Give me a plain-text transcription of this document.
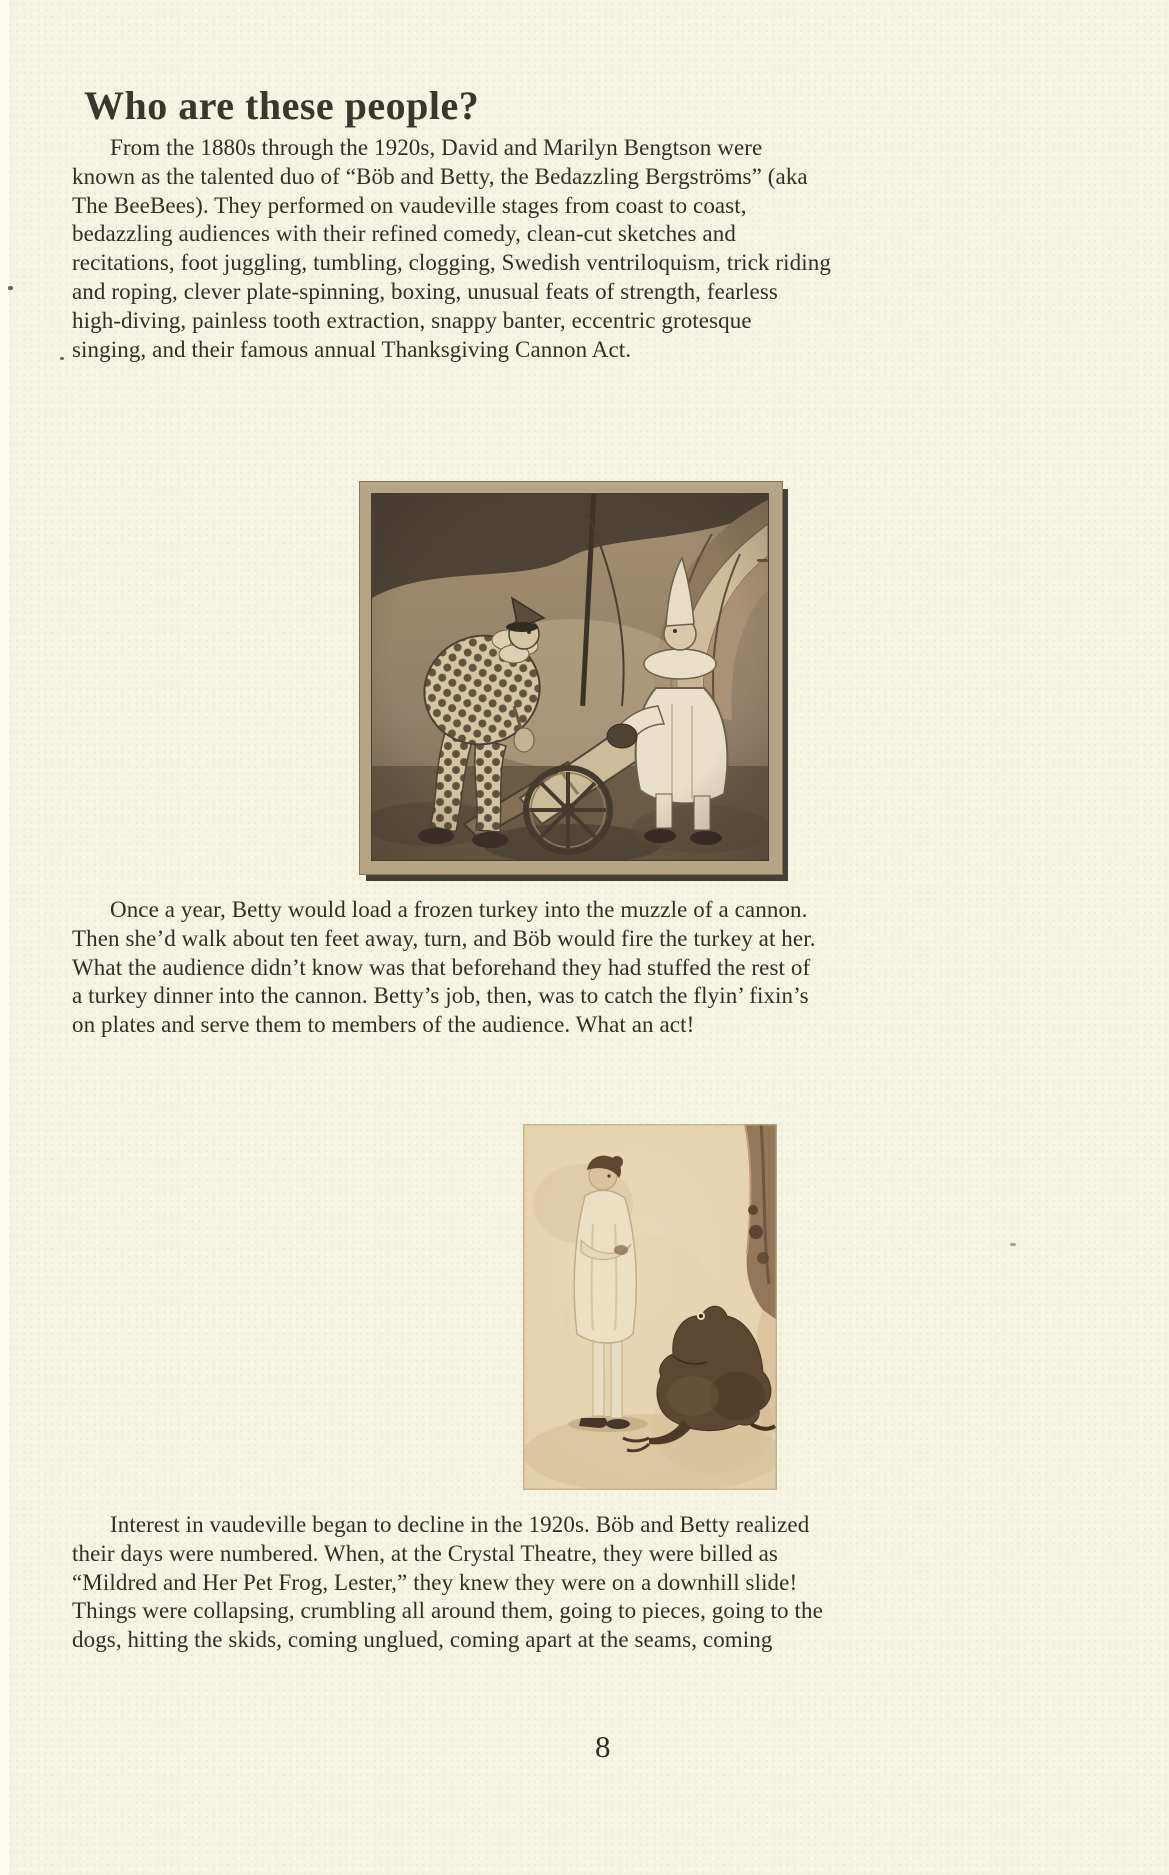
Who are these people?
From the 1880s through the 1920s, David and Marilyn Bengtson were
known as the talented duo of “Böb and Betty, the Bedazzling Bergströms” (aka
The BeeBees). They performed on vaudeville stages from coast to coast,
bedazzling audiences with their refined comedy, clean-cut sketches and
recitations, foot juggling, tumbling, clogging, Swedish ventriloquism, trick riding
and roping, clever plate-spinning, boxing, unusual feats of strength, fearless
high-diving, painless tooth extraction, snappy banter, eccentric grotesque
singing, and their famous annual Thanksgiving Cannon Act.
Once a year, Betty would load a frozen turkey into the muzzle of a cannon.
Then she’d walk about ten feet away, turn, and Böb would fire the turkey at her.
What the audience didn’t know was that beforehand they had stuffed the rest of
a turkey dinner into the cannon. Betty’s job, then, was to catch the flyin’ fixin’s
on plates and serve them to members of the audience. What an act!
Interest in vaudeville began to decline in the 1920s. Böb and Betty realized
their days were numbered. When, at the Crystal Theatre, they were billed as
“Mildred and Her Pet Frog, Lester,” they knew they were on a downhill slide!
Things were collapsing, crumbling all around them, going to pieces, going to the
dogs, hitting the skids, coming unglued, coming apart at the seams, coming
8
